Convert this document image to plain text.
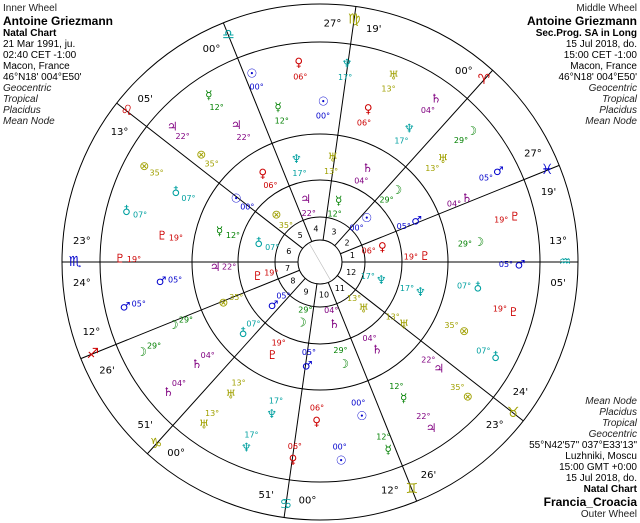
1
2
3
4
5
6
7
8
9 10
11
12
♍
27°
19'
♎
00°
♌
13°
05'
♏
24°
23°
♐
26'
12°
♑
00°
51'
♋ 00°
51'	♊
26'
12°
♉
24'
23°
♒
13°
05'
♓
27°
19'
♈
00°
♇
19°
♂
05°
☽
29°
♄
04°
♅
13°
♆
17°
♀
06°
☉
00°
☿
12°
♃
22°
⊗
35°
♁ 07°
♇ 19°
♂ 05°
☽ 29°
♄
04°
♅
13°
♆
17°
♀
06°
☉
00°	☿
12°
♃
22°
⊗
35°
♁
07°
♇
19°
♂
05°
☽
29°
♄
04°
♅
13°
♆
17°
♀
06°
☉
00°
☿
12°
♃
22°
⊗
35°
♁ 07°
♇ 19°
♂ 05°
☽ 29°
♄
04°
♅
13°
♆
17°
♀
06°
☉
00°	☿
12°
♃
22°
⊗
35°
♁
07°
♇
19°
♂
05°
☽
29°
♄
04°
♅
13°
♆
17°
♀
06°
☉
00°
☿ 12°
♃ 22°
⊗ 35°
♁
07°
♇
19°
♂
05°
☽
29° ♄
04°
♅
13°
♆
17°
♀
06°
☉
00°
☿
12°
♃
22°
⊗
35°
♁ 07°
♇ 19°
♂
05°
☽
29°
♄
04° ♅
13°
♆
17°
Inner Wheel
Antoine Griezmann
Natal Chart
21 Mar 1991, ju.
02:40 CET -1:00
Macon, France
46°N18' 004°E50'
Geocentric
Tropical
Placidus
Mean Node
Middle Wheel
Antoine Griezmann
Sec.Prog. SA in Long
15 Jul 2018, do.
15:00 CET -1:00
Macon, France
46°N18' 004°E50'
Geocentric
Tropical
Placidus
Mean Node
Mean Node
Placidus
Tropical
Geocentric
55°N42'57" 037°E33'13"
Luzhniki, Moscu
15:00 GMT +0:00
15 Jul 2018, do.
Natal Chart
Francia_Croacia
Outer Wheel
